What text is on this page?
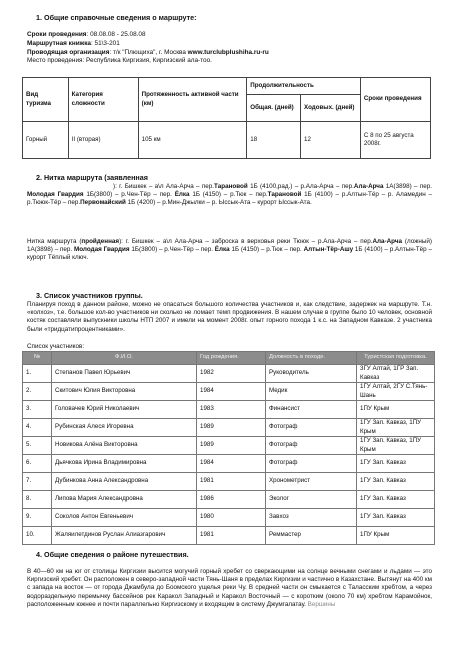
1. Общие справочные сведения о маршруте:

Сроки проведения: 08.08.08 - 25.08.08

Маршрутная книжка: 51\3-201

Проводящая организация: т/к "Плющиха", г. Москва www.turclubplushiha.ru-ru

Место проведения: Республика Киргизия, Киргизский ала-тоо.

Вид туризма	Категория сложности	Протяженность активной части (км)	Продолжительность		Сроки проведения
			Общая. (дней)	Ходовых. (дней)	
Горный	II (вторая)	105 км	18	12	С 8 по 25 августа 2008г.
2. Нитка маршрута (заявленная

): г. Бишкек – а\л Ала-Арча – пер.Тарановой 1Б (4100,рад.) – р.Ала-Арча – пер.Ала-Арча 1А(3898) – пер. Молодая Гвардия 1Б(3800) – р.Чен-Тёр – пер. Ёлка 1Б (4150) – р.Тюк – пер.Тарановой 1Б (4100) – р.Алтын-Тёр – р. Аламедин – р.Тююк-Тёр – пер.Первомайский 1Б (4200) – р.Мин-Джылки – р. Ыссык-Ата – курорт Ыссык-Ата.

Нитка маршрута (пройденная): г. Бишкек – а\л Ала-Арча – заброска в верховья реки Тююк – р.Ала-Арча – пер.Ала-Арча (ложный) 1А(3898) – пер. Молодая Гвардия 1Б(3800) – р.Чен-Тёр – пер. Ёлка 1Б (4150) – р.Тюк – пер. Алтын-Тёр-Ашу 1Б (4100) – р.Алтын-Тёр – курорт Тёплый ключ.

3. Список участников группы.

Планируя поход в данном районе, можно не опасаться большого количества участников и, как следствие, задержек на маршруте. Т.н. «колхоз», т.е. большое кол-во участников ни сколько не ломает темп продвижения. В нашем случае в группе было 10 человек, основной костяк составляли выпускники школы НТП 2007 и имели на момент 2008г. опыт горного похода 1 к.с. на Западном Кавказе. 2 участника были «тридцатипроцентниками».

Список участников:

№	Ф.И.О.	Год рождения.	Должность в походе.	Туристская подготовка.
1.	Степанов Павел Юрьевич	1982	Руководитель	3ГУ Алтай, 1ГР Зап. Кавказ
2.	Скитович Юлия Викторовна	1984	Медик	1ГУ Алтай, 2ГУ С.Тянь-Шань
3.	Головачев Юрий Николаевич	1983	Финансист	1ПУ Крым
4.	Рубинская Алеся Игоревна	1989	Фотограф	1ГУ Зап. Кавказ, 1ПУ Крым
5.	Новикова Алёна Викторовна	1989	Фотограф	1ГУ Зап. Кавказ, 1ПУ Крым
6.	Дьячкова Ирина Владимировна	1984	Фотограф	1ГУ Зап. Кавказ
7.	Дубинкова Анна Александровна	1981	Хронометрист	1ГУ Зап. Кавказ
8.	Липова Мария Александровна	1986	Эколог	1ГУ Зап. Кавказ
9.	Соколов Антон Евгеньевич	1980	Завхоз	1ГУ Зап. Кавказ
10.	Жаляилетдинов Руслан Алиазгарович	1981	Реммастер	1ПУ Крым
4. Общие сведения о районе путешествия.

В 40—60 км на юг от столицы Киргизии высится могучий горный хребет со сверкающими на солнце вечными снегами и льдами — это Киргизский хребет. Он расположен в северо-западной части Тянь-Шаня в пределах Киргизии и частично в Казахстане. Вытянут на 400 км с запада на восток — от города Джамбула до Боомского ущелья реки Чу. В средней части он смыкается с Таласским хребтом, а через водораздельную перемычку бассейнов рек Каракол Западный и Каракол Восточный — с коротким (около 70 км) хребтом Карамойнок, расположенным южнее и почти параллельно Киргизскому и входящим в систему Джумгалатау. Вершины
